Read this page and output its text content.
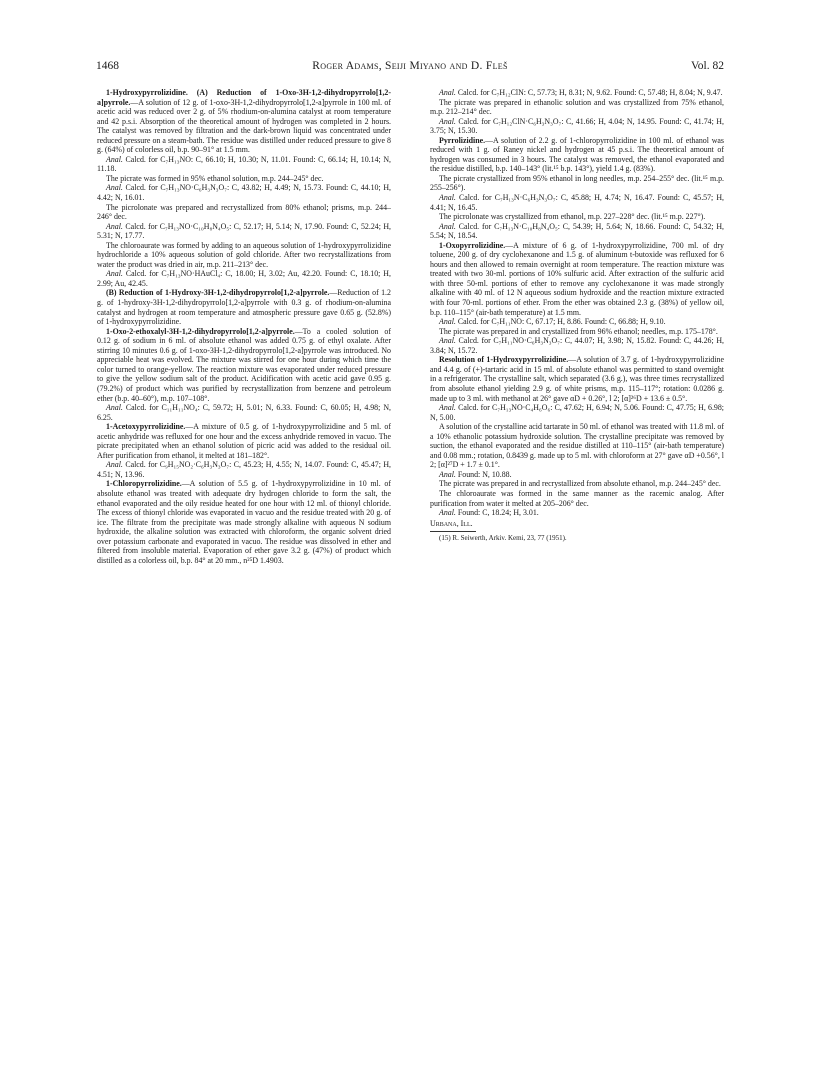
1468	Roger Adams, Seiji Miyano and D. Fleš	Vol. 82

1-Hydroxypyrrolizidine. (A) Reduction of 1-Oxo-3H-1,2-dihydropyrrolo[1,2-a]pyrrole.—A solution of 12 g. of 1-oxo-3H-1,2-dihydropyrrolo[1,2-a]pyrrole in 100 ml. of acetic acid was reduced over 2 g. of 5% rhodium-on-alumina catalyst at room temperature and 42 p.s.i. Absorption of the theoretical amount of hydrogen was completed in 2 hours. The catalyst was removed by filtration and the dark-brown liquid was concentrated under reduced pressure on a steam-bath. The residue was distilled under reduced pressure to give 8 g. (64%) of colorless oil, b.p. 90–91° at 1.5 mm.

Anal. Calcd. for C₇H₁₃NO: C, 66.10; H, 10.30; N, 11.01. Found: C, 66.14; H, 10.14; N, 11.18.

The picrate was formed in 95% ethanol solution, m.p. 244–245° dec.

Anal. Calcd. for C₇H₁₃NO·C₆H₃N₃O₇: C, 43.82; H, 4.49; N, 15.73. Found: C, 44.10; H, 4.42; N, 16.01.

The picrolonate was prepared and recrystallized from 80% ethanol; prisms, m.p. 244–246° dec.

Anal. Calcd. for C₇H₁₃NO·C₁₀H₈N₄O₅: C, 52.17; H, 5.14; N, 17.90. Found: C, 52.24; H, 5.31; N, 17.77.

The chloroaurate was formed by adding to an aqueous solution of 1-hydroxypyrrolizidine hydrochloride a 10% aqueous solution of gold chloride. After two recrystallizations from water the product was dried in air, m.p. 211–213° dec.

Anal. Calcd. for C₇H₁₃NO·HAuCl₄: C, 18.00; H, 3.02; Au, 42.20. Found: C, 18.10; H, 2.99; Au, 42.45.

(B) Reduction of 1-Hydroxy-3H-1,2-dihydropyrrolo[1,2-a]pyrrole.—Reduction of 1.2 g. of 1-hydroxy-3H-1,2-dihydropyrrolo[1,2-a]pyrrole with 0.3 g. of rhodium-on-alumina catalyst and hydrogen at room temperature and atmospheric pressure gave 0.65 g. (52.8%) of 1-hydroxypyrrolizidine.

1-Oxo-2-ethoxalyl-3H-1,2-dihydropyrrolo[1,2-a]pyrrole.—To a cooled solution of 0.12 g. of sodium in 6 ml. of absolute ethanol was added 0.75 g. of ethyl oxalate. After stirring 10 minutes 0.6 g. of 1-oxo-3H-1,2-dihydropyrrolo[1,2-a]pyrrole was introduced. No appreciable heat was evolved. The mixture was stirred for one hour during which time the color turned to orange-yellow. The reaction mixture was evaporated under reduced pressure to give the yellow sodium salt of the product. Acidification with acetic acid gave 0.95 g. (79.2%) of product which was purified by recrystallization from benzene and petroleum ether (b.p. 40–60°), m.p. 107–108°.

Anal. Calcd. for C₁₁H₁₁NO₄: C, 59.72; H, 5.01; N, 6.33. Found: C, 60.05; H, 4.98; N, 6.25.

1-Acetoxypyrrolizidine.—A mixture of 0.5 g. of 1-hydroxypyrrolizidine and 5 ml. of acetic anhydride was refluxed for one hour and the excess anhydride removed in vacuo. The picrate precipitated when an ethanol solution of picric acid was added to the residual oil. After purification from ethanol, it melted at 181–182°.

Anal. Calcd. for C₉H₁₅NO₂·C₆H₃N₃O₇: C, 45.23; H, 4.55; N, 14.07. Found: C, 45.47; H, 4.51; N, 13.96.

1-Chloropyrrolizidine.—A solution of 5.5 g. of 1-hydroxypyrrolizidine in 10 ml. of absolute ethanol was treated with adequate dry hydrogen chloride to form the salt, the ethanol evaporated and the oily residue heated for one hour with 12 ml. of thionyl chloride. The excess of thionyl chloride was evaporated in vacuo and the residue treated with 20 g. of ice. The filtrate from the precipitate was made strongly alkaline with aqueous N sodium hydroxide, the alkaline solution was extracted with chloroform, the organic solvent dried over potassium carbonate and evaporated in vacuo. The residue was dissolved in ether and filtered from insoluble material. Evaporation of ether gave 3.2 g. (47%) of product which distilled as a colorless oil, b.p. 84° at 20 mm., n²⁵D 1.4903.

Anal. Calcd. for C₇H₁₂ClN: C, 57.73; H, 8.31; N, 9.62. Found: C, 57.48; H, 8.04; N, 9.47.

The picrate was prepared in ethanolic solution and was crystallized from 75% ethanol, m.p. 212–214° dec.

Anal. Calcd. for C₇H₁₂ClN·C₆H₃N₃O₇: C, 41.66; H, 4.04; N, 14.95. Found: C, 41.74; H, 3.75; N, 15.30.

Pyrrolizidine.—A solution of 2.2 g. of 1-chloropyrrolizidine in 100 ml. of ethanol was reduced with 1 g. of Raney nickel and hydrogen at 45 p.s.i. The theoretical amount of hydrogen was consumed in 3 hours. The catalyst was removed, the ethanol evaporated and the residue distilled, b.p. 140–143° (lit.¹⁵ b.p. 143°), yield 1.4 g. (83%).

The picrate crystallized from 95% ethanol in long needles, m.p. 254–255° dec. (lit.¹⁵ m.p. 255–256°).

Anal. Calcd. for C₇H₁₃N·C₆H₃N₃O₇: C, 45.88; H, 4.74; N, 16.47. Found: C, 45.57; H, 4.41; N, 16.45.

The picrolonate was crystallized from ethanol, m.p. 227–228° dec. (lit.¹⁵ m.p. 227°).

Anal. Calcd. for C₇H₁₃N·C₁₀H₈N₄O₅: C, 54.39; H, 5.64; N, 18.66. Found: C, 54.32; H, 5.54; N, 18.54.

1-Oxopyrrolizidine.—A mixture of 6 g. of 1-hydroxypyrrolizidine, 700 ml. of dry toluene, 200 g. of dry cyclohexanone and 1.5 g. of aluminum t-butoxide was refluxed for 6 hours and then allowed to remain overnight at room temperature. The reaction mixture was treated with two 30-ml. portions of 10% sulfuric acid. After extraction of the sulfuric acid with three 50-ml. portions of ether to remove any cyclohexanone it was made strongly alkaline with 40 ml. of 12 N aqueous sodium hydroxide and the reaction mixture extracted with four 70-ml. portions of ether. From the ether was obtained 2.3 g. (38%) of yellow oil, b.p. 110–115° (air-bath temperature) at 1.5 mm.

Anal. Calcd. for C₇H₁₁NO: C, 67.17; H, 8.86. Found: C, 66.88; H, 9.10.

The picrate was prepared in and crystallized from 96% ethanol; needles, m.p. 175–178°.

Anal. Calcd. for C₇H₁₁NO·C₆H₃N₃O₇: C, 44.07; H, 3.98; N, 15.82. Found: C, 44.26; H, 3.84; N, 15.72.

Resolution of 1-Hydroxypyrrolizidine.—A solution of 3.7 g. of 1-hydroxypyrrolizidine and 4.4 g. of (+)-tartaric acid in 15 ml. of absolute ethanol was permitted to stand overnight in a refrigerator. The crystalline salt, which separated (3.6 g.), was three times recrystallized from absolute ethanol yielding 2.9 g. of white prisms, m.p. 115–117°; rotation: 0.0286 g. made up to 3 ml. with methanol at 26° gave αD + 0.26°, l 2; [α]²⁶D + 13.6 ± 0.5°.

Anal. Calcd. for C₇H₁₃NO·C₄H₆O₆: C, 47.62; H, 6.94; N, 5.06. Found: C, 47.75; H, 6.98; N, 5.00.

A solution of the crystalline acid tartarate in 50 ml. of ethanol was treated with 11.8 ml. of a 10% ethanolic potassium hydroxide solution. The crystalline precipitate was removed by suction, the ethanol evaporated and the residue distilled at 110–115° (air-bath temperature) and 0.08 mm.; rotation, 0.8439 g. made up to 5 ml. with chloroform at 27° gave αD +0.56°, l 2; [α]²⁷D + 1.7 ± 0.1°.

Anal. Found: N, 10.88.

The picrate was prepared in and recrystallized from absolute ethanol, m.p. 244–245° dec.

The chloroaurate was formed in the same manner as the racemic analog. After purification from water it melted at 205–206° dec.

Anal. Found: C, 18.24; H, 3.01.

Urbana, Ill.

(15) R. Seiwerth, Arkiv. Kemi, 23, 77 (1951).
